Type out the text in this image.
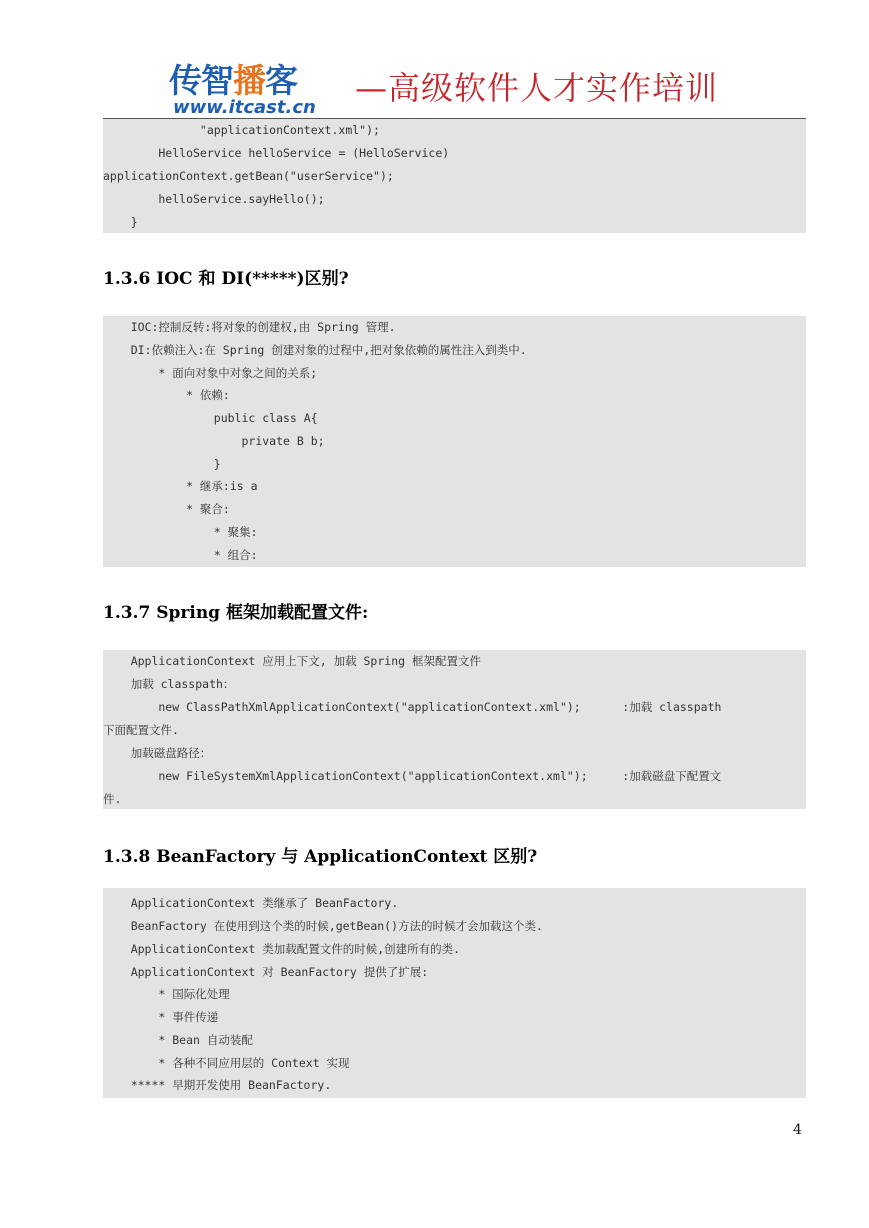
传智播客
www.itcast.cn
—高级软件人才实作培训
"applicationContext.xml");
HelloService helloService = (HelloService)
applicationContext.getBean("userService");
helloService.sayHello();
}
1.3.6 IOC 和 DI(*****)区别?
IOC:控制反转:将对象的创建权,由 Spring 管理.
DI:依赖注入:在 Spring 创建对象的过程中,把对象依赖的属性注入到类中.
* 面向对象中对象之间的关系;
* 依赖:
public class A{
private B b;
}
* 继承:is a
* 聚合:
* 聚集:
* 组合:
1.3.7 Spring 框架加载配置文件:
ApplicationContext 应用上下文, 加载 Spring 框架配置文件
加载 classpath：
new ClassPathXmlApplicationContext("applicationContext.xml");      :加载 classpath
下面配置文件.
加载磁盘路径：
new FileSystemXmlApplicationContext("applicationContext.xml");     :加载磁盘下配置文
件.
1.3.8 BeanFactory 与 ApplicationContext 区别?
ApplicationContext 类继承了 BeanFactory.
BeanFactory 在使用到这个类的时候,getBean()方法的时候才会加载这个类.
ApplicationContext 类加载配置文件的时候,创建所有的类.
ApplicationContext 对 BeanFactory 提供了扩展:
* 国际化处理
* 事件传递
* Bean 自动装配
* 各种不同应用层的 Context 实现
***** 早期开发使用 BeanFactory.
4
